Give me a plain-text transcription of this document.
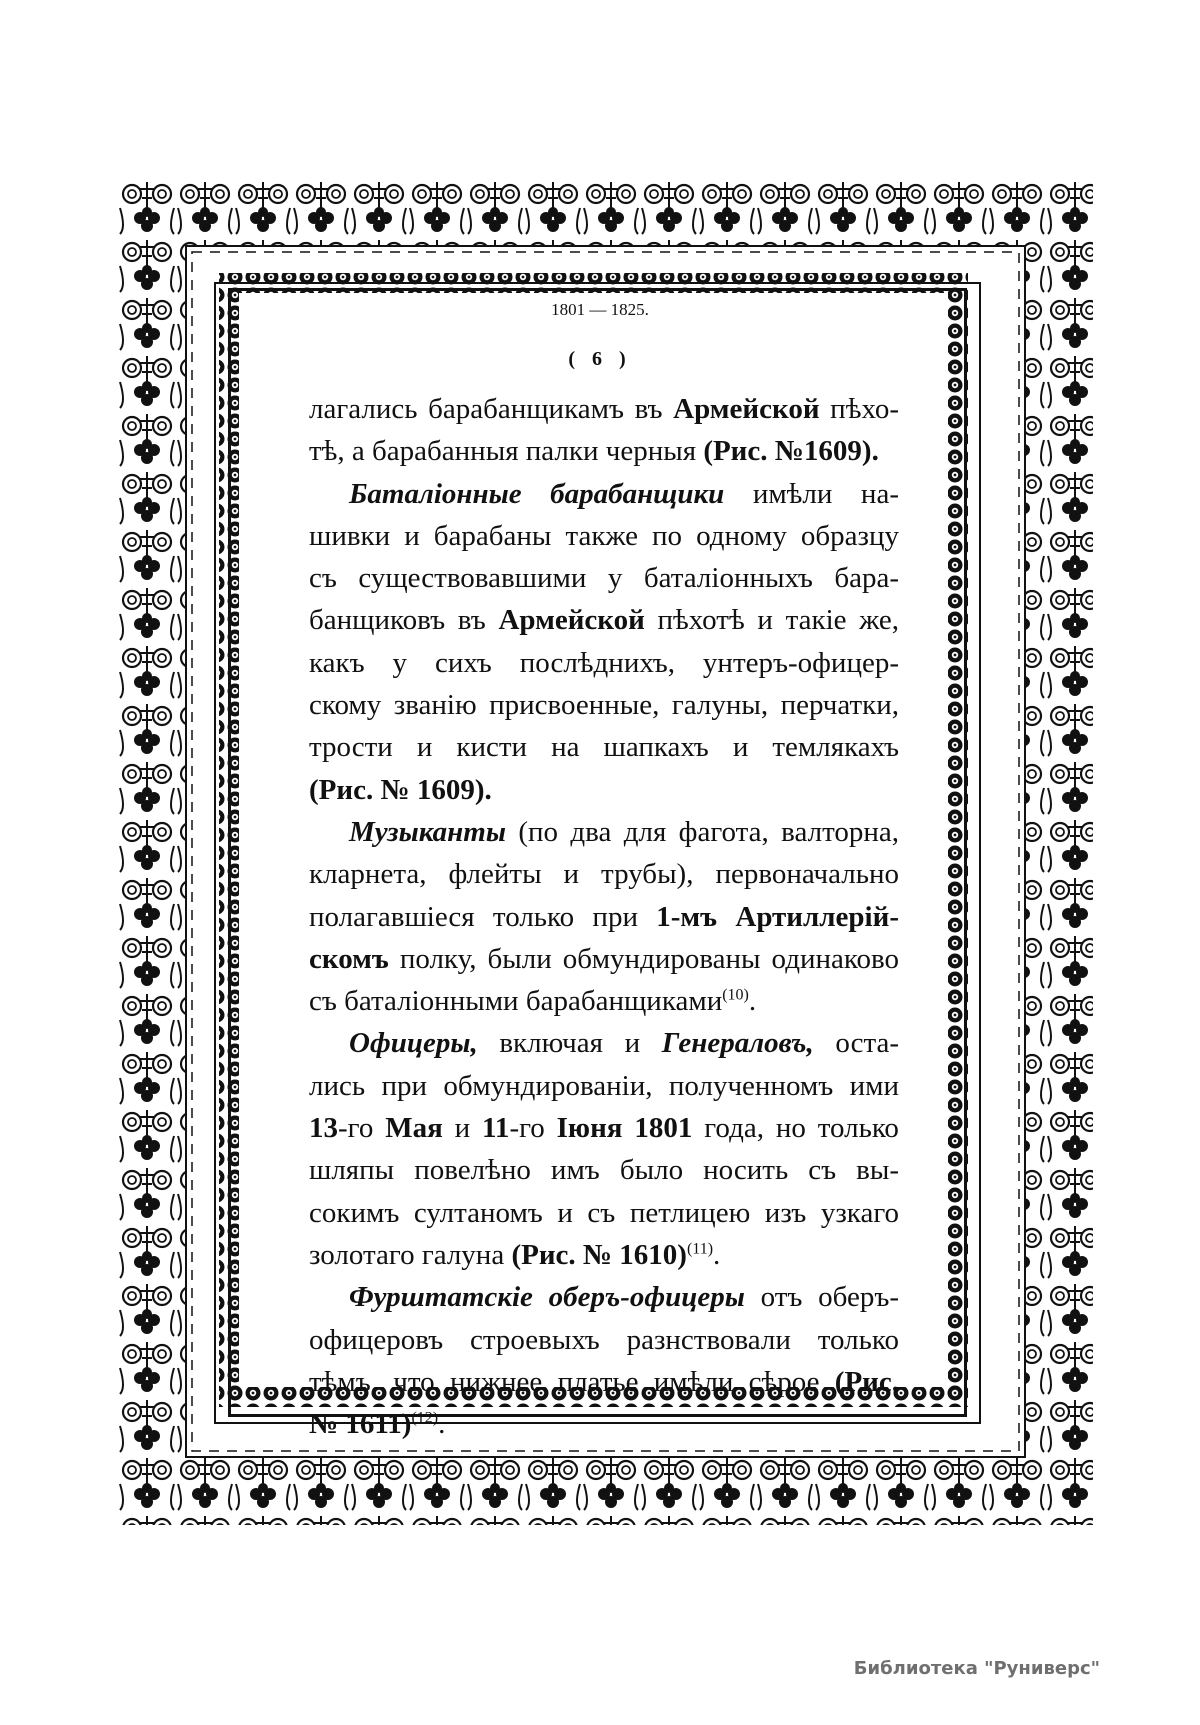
1801 — 1825.
( 6 )
лагались барабанщикамъ въ Армейской пѣхо-
тѣ, а барабанныя палки черныя (Рис. №1609).
Баталіонные барабанщики имѣли на-
шивки и барабаны также по одному образцу
съ существовавшими у баталіонныхъ бара-
банщиковъ въ Армейской пѣхотѣ и такіе же,
какъ у сихъ послѣднихъ, унтеръ-офицер-
скому званію присвоенные, галуны, перчатки,
трости и кисти на шапкахъ и темлякахъ
(Рис. № 1609).
Музыканты (по два для фагота, валторна,
кларнета, флейты и трубы), первоначально
полагавшіеся только при 1-мъ Артиллерій-
скомъ полку, были обмундированы одинаково
съ баталіонными барабанщиками$^{(10)}$.
Офицеры, включая и Генераловъ, оста-
лись при обмундированіи, полученномъ ими
13-го Мая и 11-го Іюня 1801 года, но только
шляпы повелѣно имъ было носить съ вы-
сокимъ султаномъ и съ петлицею изъ узкаго
золотаго галуна (Рис. № 1610)$^{(11)}$.
Фурштатскіе оберъ-офицеры отъ оберъ-
офицеровъ строевыхъ разнствовали только
тѣмъ, что нижнее платье имѣли сѣрое (Рис.
№ 1611)$^{(12)}$.
Библиотека "Руниверс"
